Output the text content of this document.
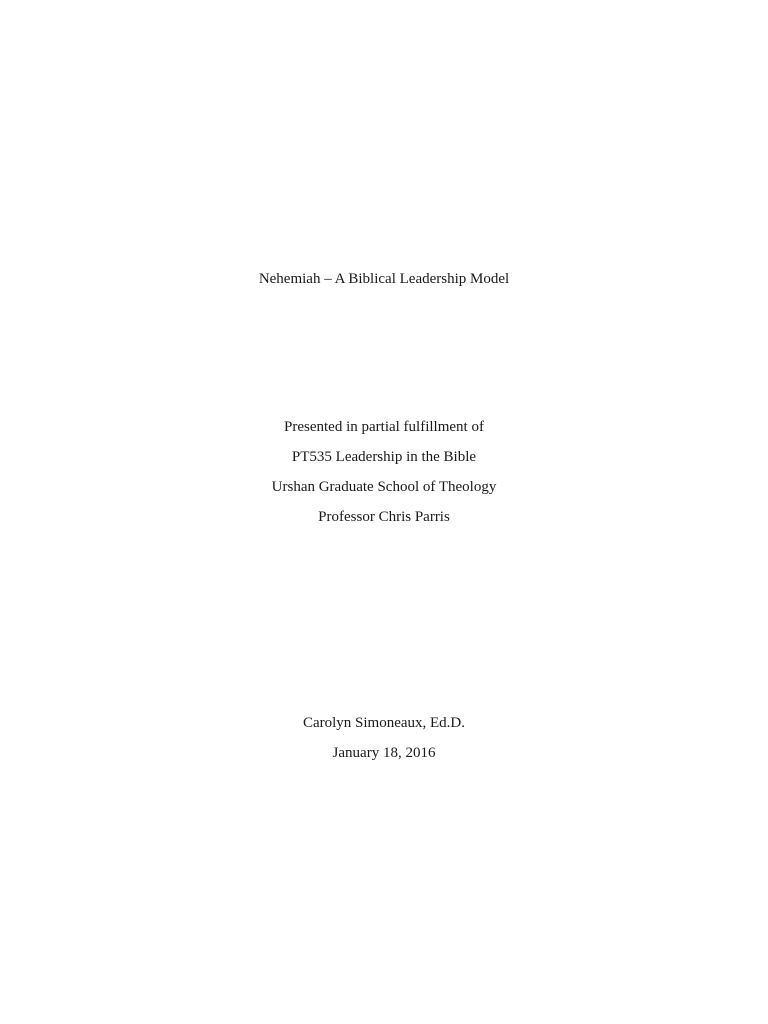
Nehemiah – A Biblical Leadership Model
Presented in partial fulfillment of
PT535 Leadership in the Bible
Urshan Graduate School of Theology
Professor Chris Parris
Carolyn Simoneaux, Ed.D.
January 18, 2016
